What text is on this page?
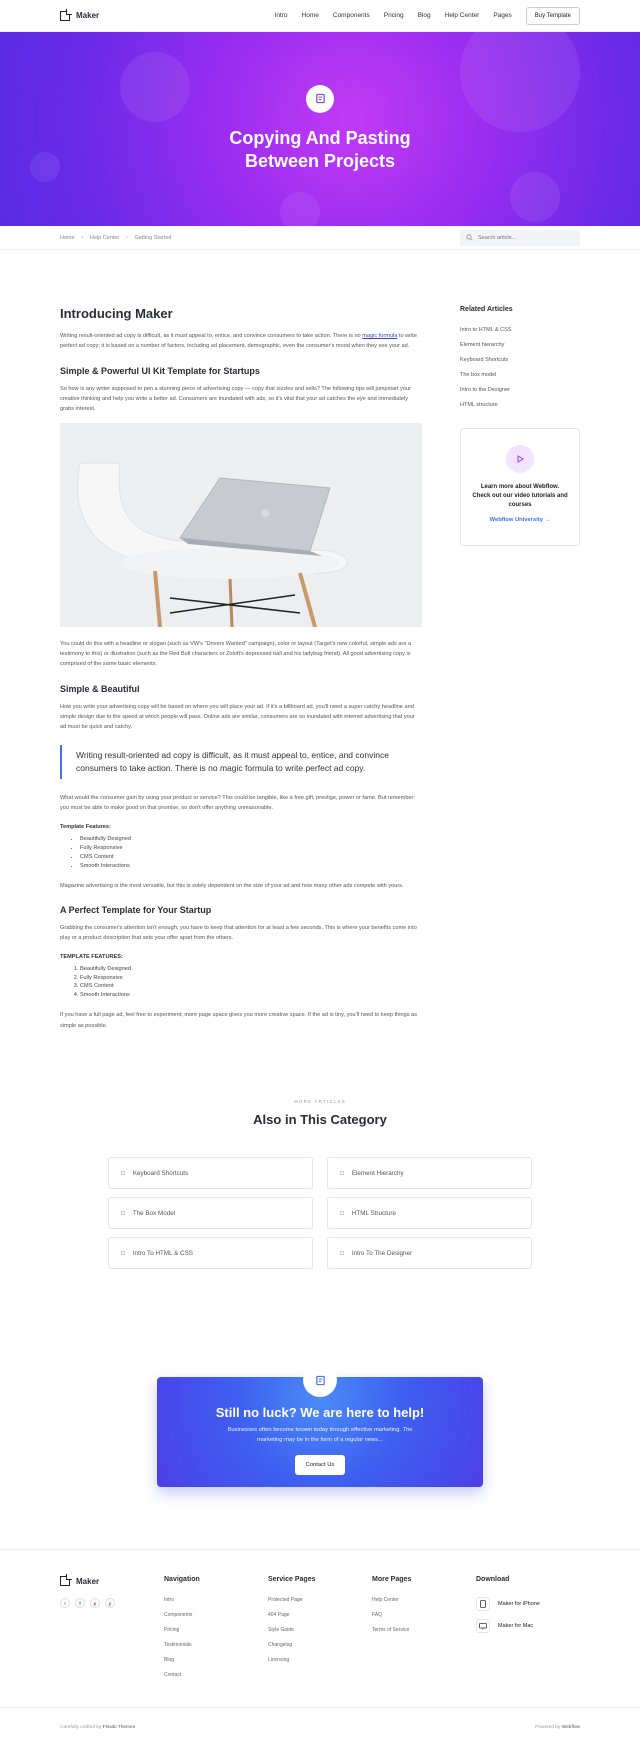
Maker	Intro Home Components Pricing Blog Help Center Pages	Buy Template
Copying And Pasting Between Projects
Home > Help Center > Getting Started
Search article...
Introducing Maker

Writing result-oriented ad copy is difficult, as it must appeal to, entice, and convince consumers to take action. There is no magic formula to write perfect ad copy; it is based on a number of factors, including ad placement, demographic, even the consumer's mood when they see your ad.

Simple & Powerful UI Kit Template for Startups

So how is any writer supposed to pen a stunning piece of advertising copy — copy that sizzles and sells? The following tips will jumpstart your creative thinking and help you write a better ad. Consumers are inundated with ads, so it's vital that your ad catches the eye and immediately grabs interest.

You could do this with a headline or slogan (such as VW's "Drivers Wanted" campaign), color or layout (Target's new colorful, simple ads are a testimony to this) or illustration (such as the Red Bull characters or Zoloft's depressed ball and his ladybug friend). All good advertising copy is comprised of the same basic elements.

Simple & Beautiful

How you write your advertising copy will be based on where you will place your ad. If it's a billboard ad, you'll need a super catchy headline and simple design due to the speed at which people will pass. Online ads are similar, consumers are so inundated with internet advertising that your ad must be quick and catchy.

Writing result-oriented ad copy is difficult, as it must appeal to, entice, and convince consumers to take action. There is no magic formula to write perfect ad copy.

What would the consumer gain by using your product or service? This could be tangible, like a free gift, prestige, power or fame. But remember: you must be able to make good on that promise, so don't offer anything unreasonable.

Template Features:
• Beautifully Designed
• Fully Responsive
• CMS Content
• Smooth Interactions

Magazine advertising is the most versatile, but this is solely dependent on the size of your ad and how many other ads compete with yours.

A Perfect Template for Your Startup

Grabbing the consumer's attention isn't enough; you have to keep that attention for at least a few seconds. This is where your benefits come into play or a product description that sets your offer apart from the others.

TEMPLATE FEATURES:
1. Beautifully Designed
2. Fully Responsive
3. CMS Content
4. Smooth Interactions

If you have a full page ad, feel free to experiment; more page space gives you more creative space. If the ad is tiny, you'll need to keep things as simple as possible.

Related Articles
Intro to HTML & CSS
Element hierarchy
Keyboard Shortcuts
The box model
Intro to the Designer
HTML structure
Learn more about Webflow. Check out our video tutorials and courses
Webflow University →
MORE ARTICLES
Also in This Category
□ Keyboard Shortcuts	□ Element Hierarchy
□ The Box Model	□ HTML Structure
□ Intro To HTML & CSS	□ Intro To The Designer
Still no luck? We are here to help!

Businesses often become known today through effective marketing. The marketing may be in the form of a regular news...

Contact Us
Maker
t	f	p	y
Navigation
Intro
Components
Pricing
Testimonials
Blog
Contact
Service Pages
Protected Page
404 Page
Style Guide
Changelog
Licensing
More Pages
Help Center
FAQ
Terms of Service
Download
Maker for iPhone
Maker for Mac
Carefully crafted by Flowbi Themes	Powered by Webflow
